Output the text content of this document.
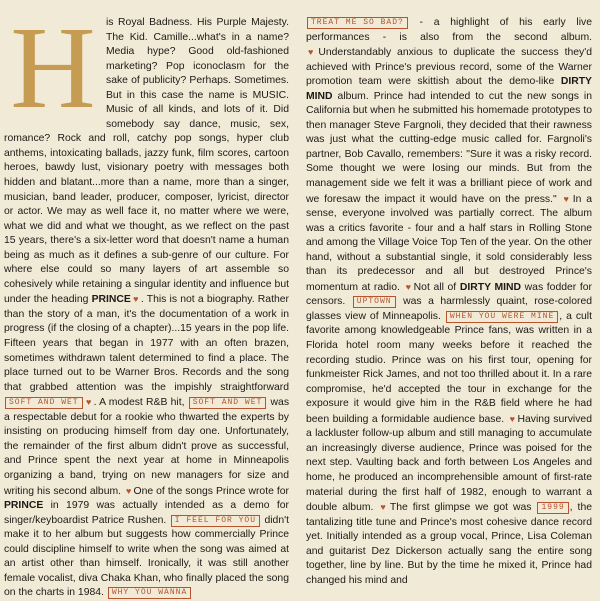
His Royal Badness. His Purple Majesty. The Kid. Camille...what's in a name? Media hype? Good old-fashioned marketing? Pop iconoclasm for the sake of publicity? Perhaps. Sometimes. But in this case the name is MUSIC. Music of all kinds, and lots of it. Did somebody say dance, music, sex, romance? Rock and roll, catchy pop songs, hyper club anthems, intoxicating ballads, jazzy funk, film scores, cartoon heroes, bawdy lust, visionary poetry with messages both hidden and blatant...more than a name, more than a singer, musician, band leader, producer, composer, lyricist, director or actor. We may as well face it, no matter where we were, what we did and what we thought, as we reflect on the past 15 years, there's a six-letter word that doesn't name a human being as much as it defines a sub-genre of our culture. For where else could so many layers of art assemble so cohesively while retaining a singular identity and influence but under the heading PRINCE ♥ . This is not a biography. Rather than the story of a man, it's the documentation of a work in progress (if the closing of a chapter)...15 years in the pop life. Fifteen years that began in 1977 with an often brazen, sometimes withdrawn talent determined to find a place. The place turned out to be Warner Bros. Records and the song that grabbed attention was the impishly straightforward SOFT AND WET ♥ . A modest R&B hit, SOFT AND WET was a respectable debut for a rookie who thwarted the experts by insisting on producing himself from day one. Unfortunately, the remainder of the first album didn't prove as successful, and Prince spent the next year at home in Minneapolis organizing a band, trying on new managers for size and writing his second album. ♥ One of the songs Prince wrote for PRINCE in 1979 was actually intended as a demo for singer/keyboardist Patrice Rushen. I FEEL FOR YOU didn't make it to her album but suggests how commercially Prince could discipline himself to write when the song was aimed at an artist other than himself. Ironically, it was still another female vocalist, diva Chaka Khan, who finally placed the song on the charts in 1984. WHY YOU WANNA

TREAT ME SO BAD? - a highlight of his early live performances - is also from the second album. ♥ Understandably anxious to duplicate the success they'd achieved with Prince's previous record, some of the Warner promotion team were skittish about the demo-like DIRTY MIND album. Prince had intended to cut the new songs in California but when he submitted his homemade prototypes to then manager Steve Fargnoli, they decided that their rawness was just what the cutting-edge music called for. Fargnoli's partner, Bob Cavallo, remembers: "Sure it was a risky record. Some thought we were losing our minds. But from the management side we felt it was a brilliant piece of work and we foresaw the impact it would have on the press." ♥ In a sense, everyone involved was partially correct. The album was a critics favorite - four and a half stars in Rolling Stone and among the Village Voice Top Ten of the year. On the other hand, without a substantial single, it sold considerably less than its predecessor and all but destroyed Prince's momentum at radio. ♥ Not all of DIRTY MIND was fodder for censors. UPTOWN was a harmlessly quaint, rose-colored glasses view of Minneapolis. WHEN YOU WERE MINE , a cult favorite among knowledgeable Prince fans, was written in a Florida hotel room many weeks before it reached the recording studio. Prince was on his first tour, opening for funkmeister Rick James, and not too thrilled about it. In a rare compromise, he'd accepted the tour in exchange for the exposure it would give him in the R&B field where he had been building a formidable audience base. ♥ Having survived a lackluster follow-up album and still managing to accumulate an increasingly diverse audience, Prince was poised for the next step. Vaulting back and forth between Los Angeles and home, he produced an incomprehensible amount of first-rate material during the first half of 1982, enough to warrant a double album. ♥ The first glimpse we got was 1999 , the tantalizing title tune and Prince's most cohesive dance record yet. Initially intended as a group vocal, Prince, Lisa Coleman and guitarist Dez Dickerson actually sang the entire song together, line by line. But by the time he mixed it, Prince had changed his mind and
